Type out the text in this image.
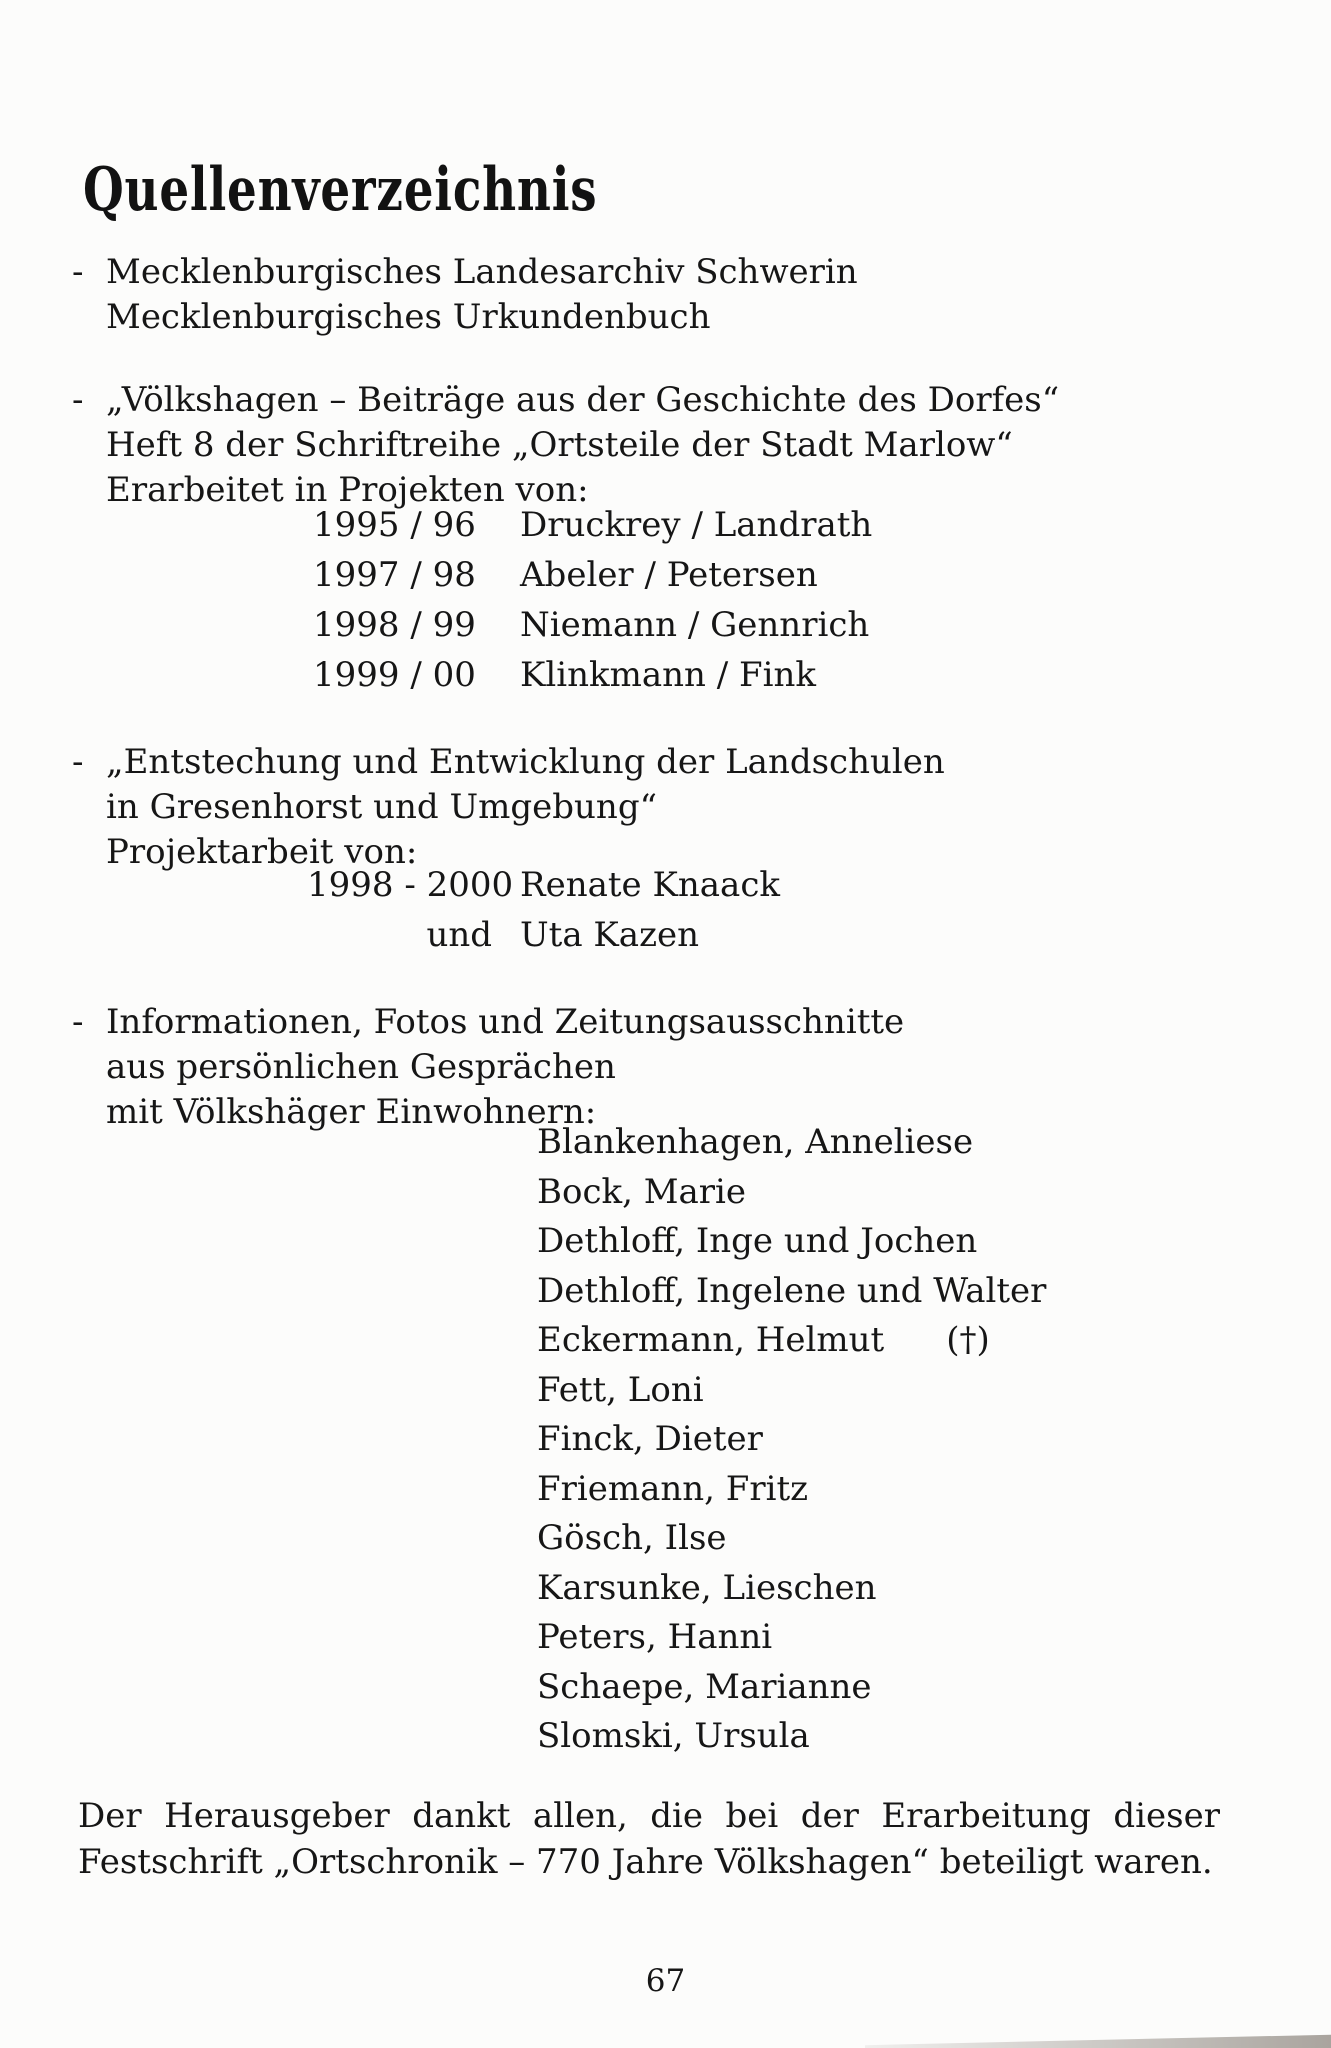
Quellenverzeichnis
- Mecklenburgisches Landesarchiv Schwerin
Mecklenburgisches Urkundenbuch
- „Völkshagen – Beiträge aus der Geschichte des Dorfes“
Heft 8 der Schriftreihe „Ortsteile der Stadt Marlow“
Erarbeitet in Projekten von:
1995 / 96 Druckrey / Landrath
1997 / 98 Abeler / Petersen
1998 / 99 Niemann / Gennrich
1999 / 00 Klinkmann / Fink
- „Entstechung und Entwicklung der Landschulen
in Gresenhorst und Umgebung“
Projektarbeit von:
1998 - 2000 Renate Knaack
und Uta Kazen
- Informationen, Fotos und Zeitungsausschnitte
aus persönlichen Gesprächen
mit Völkshäger Einwohnern:
Blankenhagen, Anneliese
Bock, Marie
Dethloff, Inge und Jochen
Dethloff, Ingelene und Walter
Eckermann, Helmut (†)
Fett, Loni
Finck, Dieter
Friemann, Fritz
Gösch, Ilse
Karsunke, Lieschen
Peters, Hanni
Schaepe, Marianne
Slomski, Ursula
Der Herausgeber dankt allen, die bei der Erarbeitung dieser
Festschrift „Ortschronik – 770 Jahre Völkshagen“ beteiligt waren.
67
